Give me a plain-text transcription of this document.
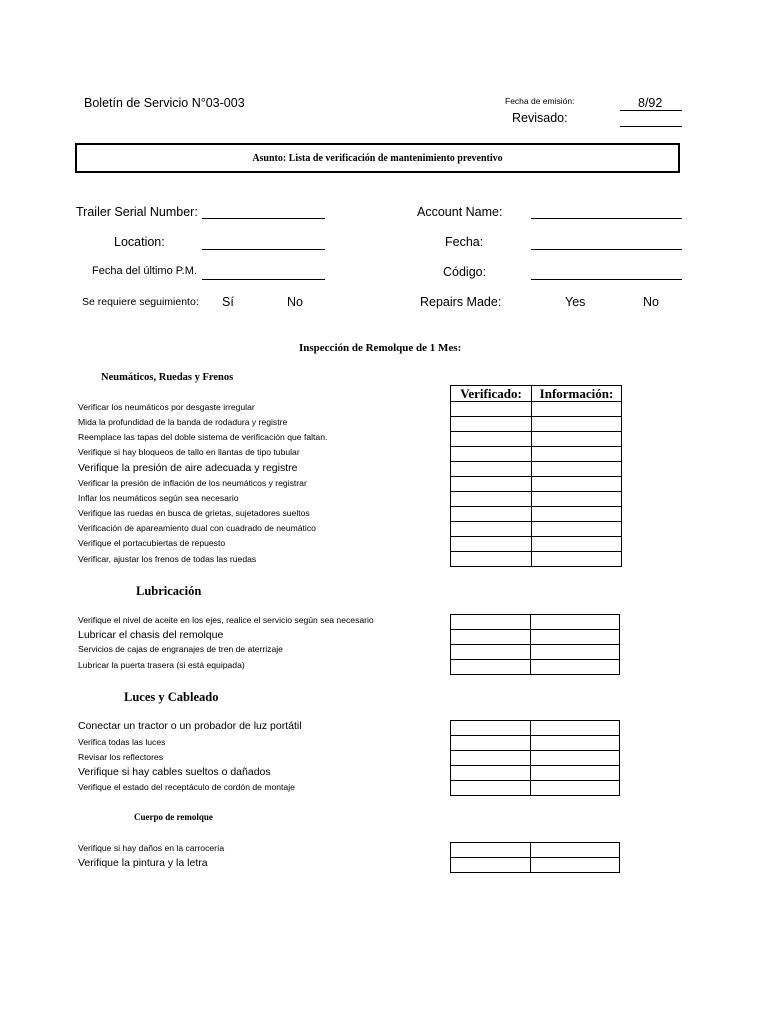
Boletín de Servicio N°03-003	Fecha de emisión:	8/92
Revisado:
Asunto: Lista de verificación de mantenimiento preventivo
Trailer Serial Number:	Account Name:
Location:	Fecha:
Fecha del último P.M.	Código:
Se requiere seguimiento: Sí	No	Repairs Made:	Yes	No
Inspección de Remolque de 1 Mes:
Neumáticos, Ruedas y Frenos
Verificado:	Información:

Verificar los neumáticos por desgaste irregular
Mida la profundidad de la banda de rodadura y registre
Reemplace las tapas del doble sistema de verificación que faltan.
Verifique si hay bloqueos de tallo en llantas de tipo tubular
Verifique la presión de aire adecuada y registre
Verificar la presión de inflación de los neumáticos y registrar
Inflar los neumáticos según sea necesario
Verifique las ruedas en busca de grietas, sujetadores sueltos
Verificación de apareamiento dual con cuadrado de neumático
Verifique el portacubiertas de repuesto
Verificar, ajustar los frenos de todas las ruedas
Lubricación

Verifique el nivel de aceite en los ejes, realice el servicio según sea necesario
Lubricar el chasis del remolque
Servicios de cajas de engranajes de tren de aterrizaje
Lubricar la puerta trasera (si está equipada)
Luces y Cableado

Conectar un tractor o un probador de luz portátil
Verifica todas las luces
Revisar los reflectores
Verifique si hay cables sueltos o dañados
Verifique el estado del receptáculo de cordón de montaje
Cuerpo de remolque

Verifique si hay daños en la carrocería
Verifique la pintura y la letra
